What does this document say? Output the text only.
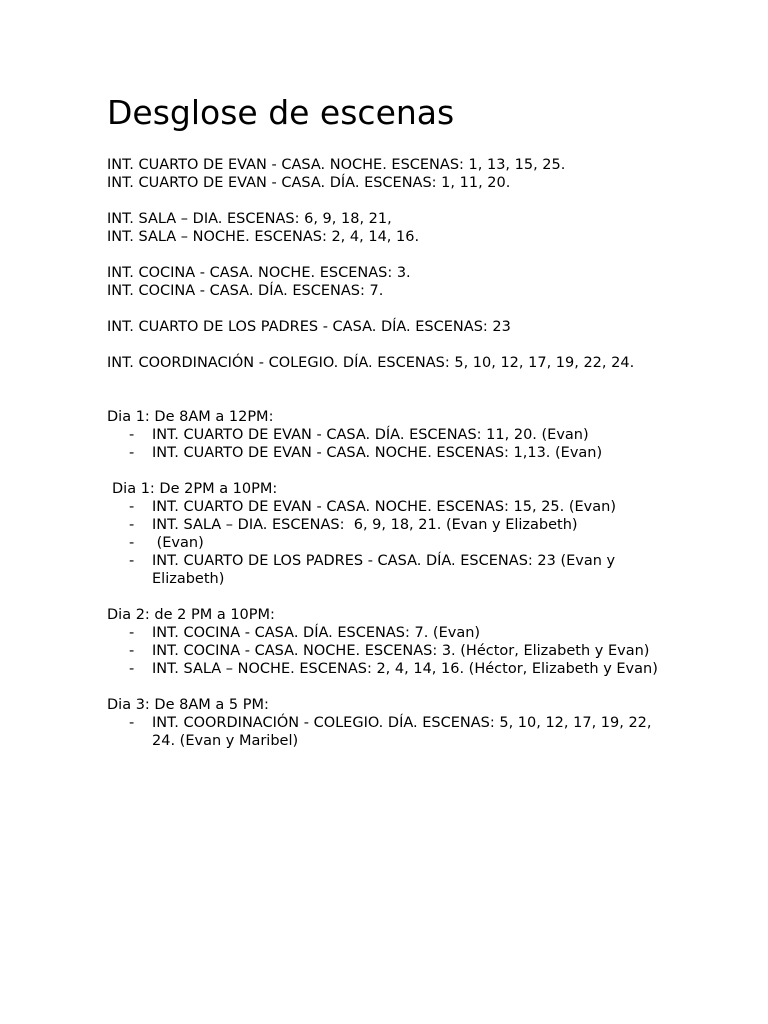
Desglose de escenas
INT. CUARTO DE EVAN - CASA. NOCHE. ESCENAS: 1, 13, 15, 25.
INT. CUARTO DE EVAN - CASA. DÍA. ESCENAS: 1, 11, 20.
INT. SALA – DIA. ESCENAS: 6, 9, 18, 21,
INT. SALA – NOCHE. ESCENAS: 2, 4, 14, 16.
INT. COCINA - CASA. NOCHE. ESCENAS: 3.
INT. COCINA - CASA. DÍA. ESCENAS: 7.
INT. CUARTO DE LOS PADRES - CASA. DÍA. ESCENAS: 23
INT. COORDINACIÓN - COLEGIO. DÍA. ESCENAS: 5, 10, 12, 17, 19, 22, 24.
Dia 1: De 8AM a 12PM:
- INT. CUARTO DE EVAN - CASA. DÍA. ESCENAS: 11, 20. (Evan)
- INT. CUARTO DE EVAN - CASA. NOCHE. ESCENAS: 1,13. (Evan)
Dia 1: De 2PM a 10PM:
- INT. CUARTO DE EVAN - CASA. NOCHE. ESCENAS: 15, 25. (Evan)
- INT. SALA – DIA. ESCENAS:  6, 9, 18, 21. (Evan y Elizabeth)
- (Evan)
- INT. CUARTO DE LOS PADRES - CASA. DÍA. ESCENAS: 23 (Evan y Elizabeth)
Dia 2: de 2 PM a 10PM:
- INT. COCINA - CASA. DÍA. ESCENAS: 7. (Evan)
- INT. COCINA - CASA. NOCHE. ESCENAS: 3. (Héctor, Elizabeth y Evan)
- INT. SALA – NOCHE. ESCENAS: 2, 4, 14, 16. (Héctor, Elizabeth y Evan)
Dia 3: De 8AM a 5 PM:
- INT. COORDINACIÓN - COLEGIO. DÍA. ESCENAS: 5, 10, 12, 17, 19, 22, 24. (Evan y Maribel)
